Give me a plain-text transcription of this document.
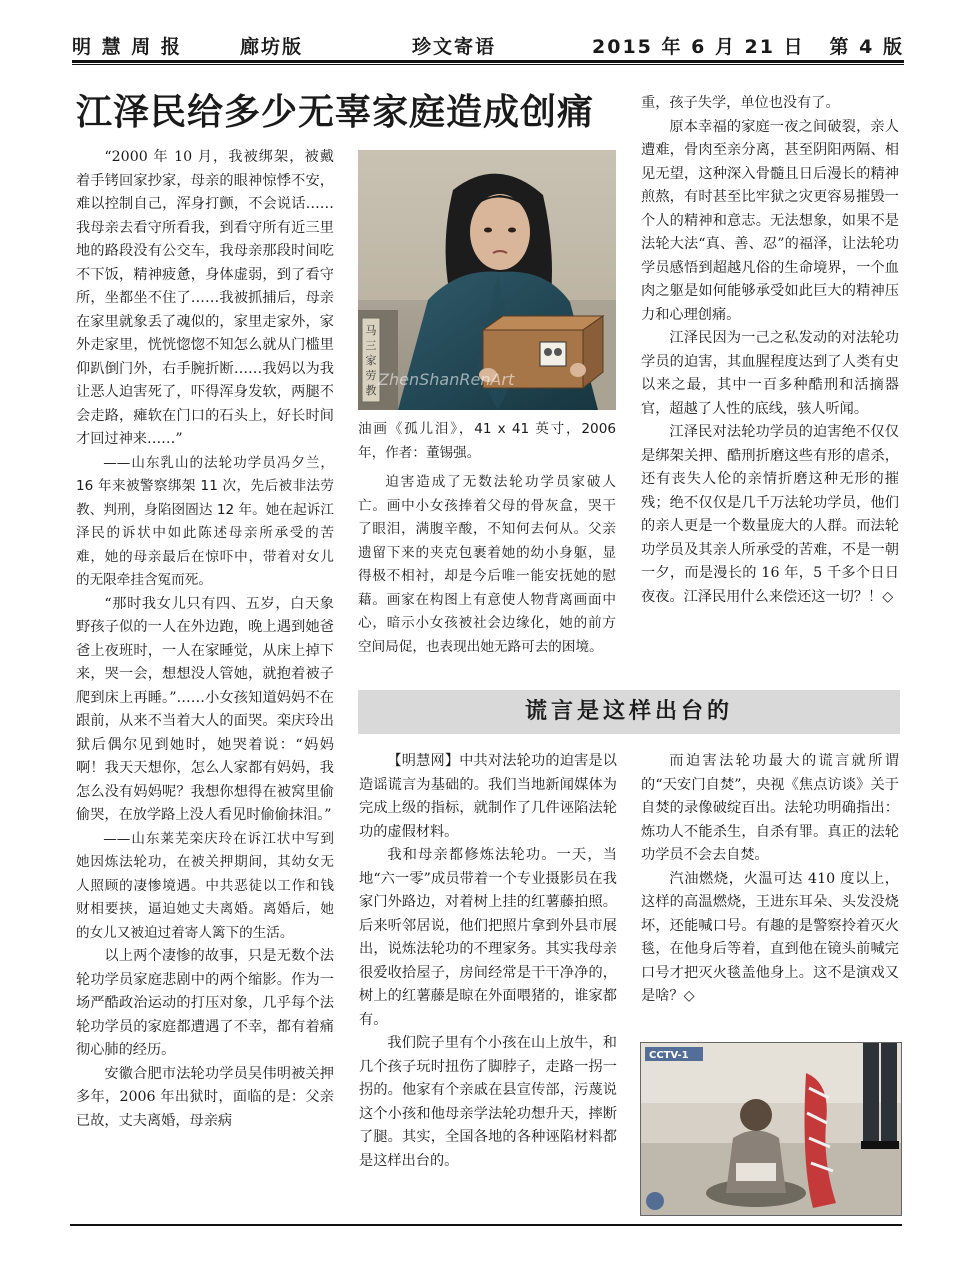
明 慧 周 报	廊坊版	珍文寄语	2015 年 6 月 21 日 第 4 版
江泽民给多少无辜家庭造成创痛

“2000 年 10 月，我被绑架，被戴着手铐回家抄家，母亲的眼神惊悸不安，难以控制自己，浑身打颤，不会说话……我母亲去看守所看我，到看守所有近三里地的路段没有公交车，我母亲那段时间吃不下饭，精神疲惫，身体虚弱，到了看守所，坐都坐不住了……我被抓捕后，母亲在家里就象丢了魂似的，家里走家外，家外走家里，恍恍惚惚不知怎么就从门槛里仰趴倒门外，右手腕折断……我妈以为我让恶人迫害死了，吓得浑身发软，两腿不会走路，瘫软在门口的石头上，好长时间才回过神来……”

——山东乳山的法轮功学员冯夕兰，16 年来被警察绑架 11 次，先后被非法劳教、判刑，身陷囹圄达 12 年。她在起诉江泽民的诉状中如此陈述母亲所承受的苦难，她的母亲最后在惊吓中，带着对女儿的无限牵挂含冤而死。

“那时我女儿只有四、五岁，白天象野孩子似的一人在外边跑，晚上遇到她爸爸上夜班时，一人在家睡觉，从床上掉下来，哭一会，想想没人管她，就抱着被子爬到床上再睡。”……小女孩知道妈妈不在跟前，从来不当着大人的面哭。栾庆玲出狱后偶尔见到她时，她哭着说：“妈妈啊！我天天想你，怎么人家都有妈妈，我怎么没有妈妈呢？我想你想得在被窝里偷偷哭，在放学路上没人看见时偷偷抹泪。”

——山东莱芜栾庆玲在诉江状中写到她因炼法轮功，在被关押期间，其幼女无人照顾的凄惨境遇。中共恶徒以工作和钱财相要挟，逼迫她丈夫离婚。离婚后，她的女儿又被迫过着寄人篱下的生活。

以上两个凄惨的故事，只是无数个法轮功学员家庭悲剧中的两个缩影。作为一场严酷政治运动的打压对象，几乎每个法轮功学员的家庭都遭遇了不幸，都有着痛彻心肺的经历。

安徽合肥市法轮功学员吴伟明被关押多年，2006 年出狱时，面临的是：父亲已故，丈夫离婚，母亲病

马
三
家
劳
教
ZhenShanRenArt

油画《孤儿泪》，41 x 41 英寸，2006 年，作者：董锡强。

迫害造成了无数法轮功学员家破人亡。画中小女孩捧着父母的骨灰盒，哭干了眼泪，满腹辛酸，不知何去何从。父亲遗留下来的夹克包裹着她的幼小身躯，显得极不相衬，却是今后唯一能安抚她的慰藉。画家在构图上有意使人物背离画面中心，暗示小女孩被社会边缘化，她的前方空间局促，也表现出她无路可去的困境。

重，孩子失学，单位也没有了。

原本幸福的家庭一夜之间破裂，亲人遭难，骨肉至亲分离，甚至阴阳两隔、相见无望，这种深入骨髓且日后漫长的精神煎熬，有时甚至比牢狱之灾更容易摧毁一个人的精神和意志。无法想象，如果不是法轮大法“真、善、忍”的福泽，让法轮功学员感悟到超越凡俗的生命境界，一个血肉之躯是如何能够承受如此巨大的精神压力和心理创痛。

江泽民因为一己之私发动的对法轮功学员的迫害，其血腥程度达到了人类有史以来之最，其中一百多种酷刑和活摘器官，超越了人性的底线，骇人听闻。

江泽民对法轮功学员的迫害绝不仅仅是绑架关押、酷刑折磨这些有形的虐杀，还有丧失人伦的亲情折磨这种无形的摧残；绝不仅仅是几千万法轮功学员，他们的亲人更是一个数量庞大的人群。而法轮功学员及其亲人所承受的苦难，不是一朝一夕，而是漫长的 16 年，5 千多个日日夜夜。江泽民用什么来偿还这一切？！◇

谎言是这样出台的

【明慧网】中共对法轮功的迫害是以造谣谎言为基础的。我们当地新闻媒体为完成上级的指标，就制作了几件诬陷法轮功的虚假材料。

我和母亲都修炼法轮功。一天，当地“六一零”成员带着一个专业摄影员在我家门外路边，对着树上挂的红薯藤拍照。后来听邻居说，他们把照片拿到外县市展出，说炼法轮功的不理家务。其实我母亲很爱收拾屋子，房间经常是干干净净的，树上的红薯藤是晾在外面喂猪的，谁家都有。

我们院子里有个小孩在山上放牛，和几个孩子玩时扭伤了脚脖子，走路一拐一拐的。他家有个亲戚在县宣传部，污蔑说这个小孩和他母亲学法轮功想升天，摔断了腿。其实，全国各地的各种诬陷材料都是这样出台的。

而迫害法轮功最大的谎言就所谓的“天安门自焚”，央视《焦点访谈》关于自焚的录像破绽百出。法轮功明确指出：炼功人不能杀生，自杀有罪。真正的法轮功学员不会去自焚。

汽油燃烧，火温可达 410 度以上，这样的高温燃烧，王进东耳朵、头发没烧坏，还能喊口号。有趣的是警察拎着灭火毯，在他身后等着，直到他在镜头前喊完口号才把灭火毯盖他身上。这不是演戏又是啥？◇

CCTV-1
